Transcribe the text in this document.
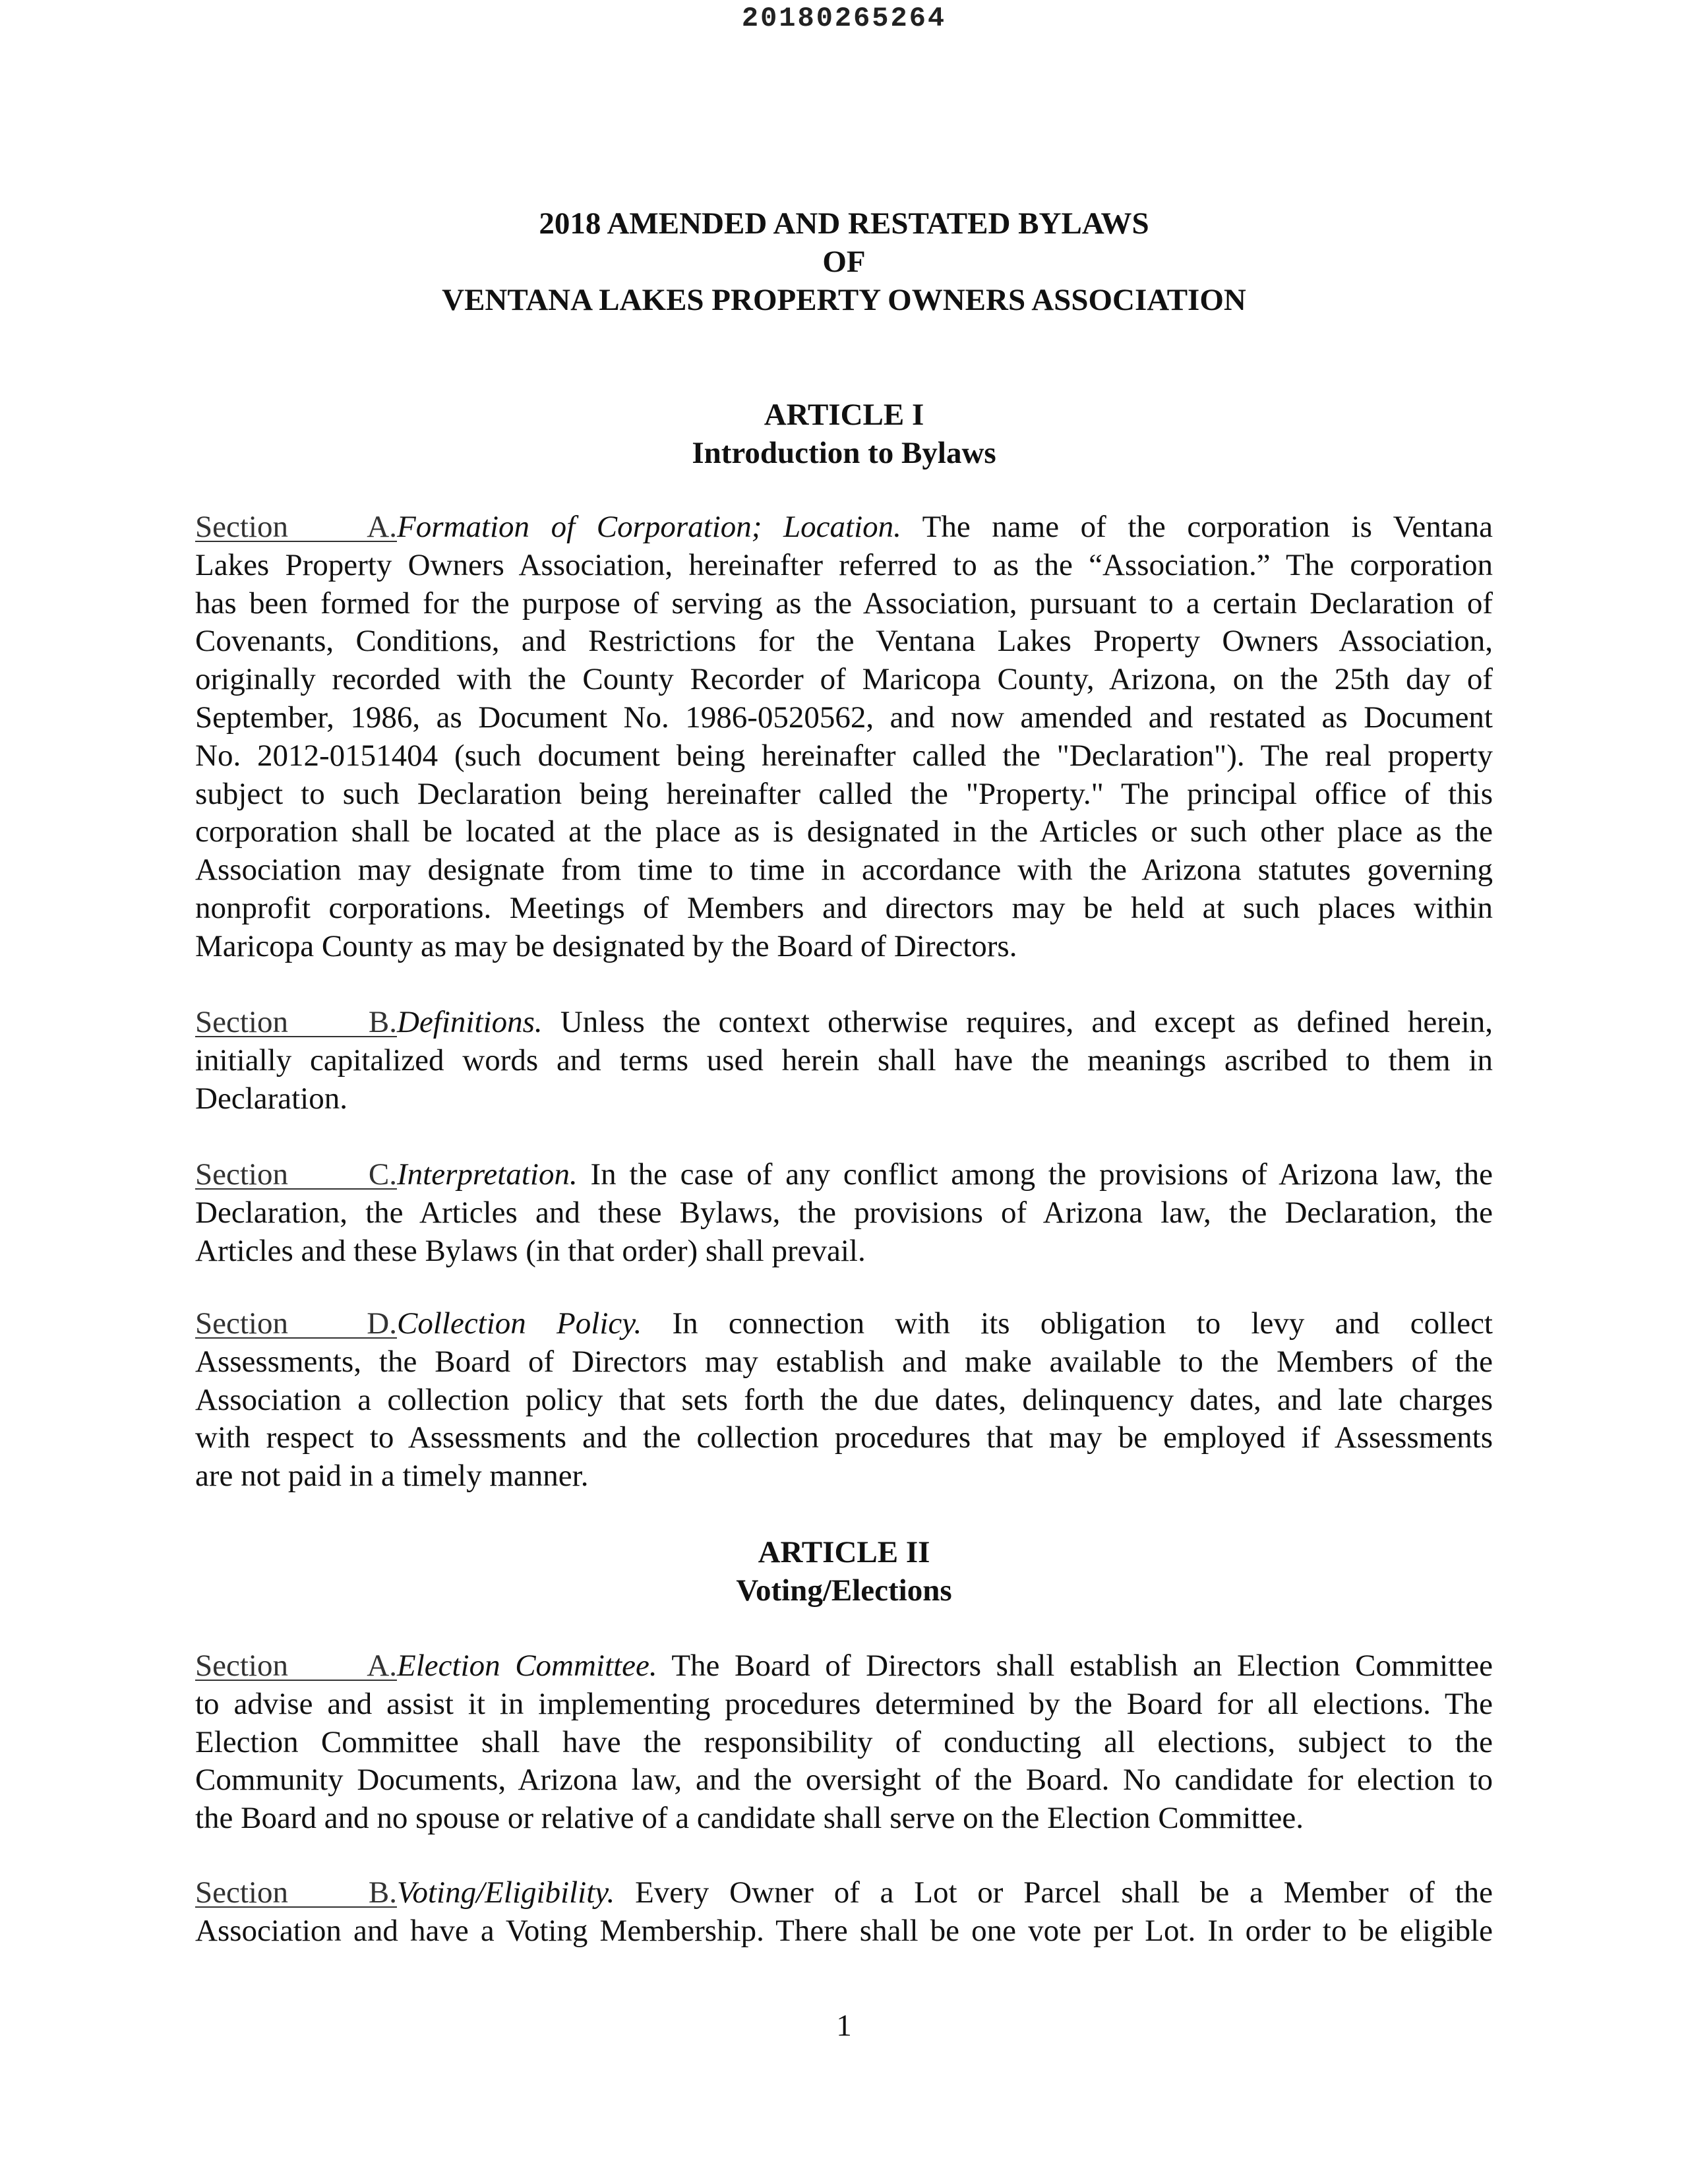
20180265264
2018 AMENDED AND RESTATED BYLAWS
OF
VENTANA LAKES PROPERTY OWNERS ASSOCIATION
ARTICLE I
Introduction to Bylaws
Section A.Formation of Corporation; Location. The name of the corporation is Ventana
Lakes Property Owners Association, hereinafter referred to as the “Association.” The corporation
has been formed for the purpose of serving as the Association, pursuant to a certain Declaration of
Covenants, Conditions, and Restrictions for the Ventana Lakes Property Owners Association,
originally recorded with the County Recorder of Maricopa County, Arizona, on the 25th day of
September, 1986, as Document No. 1986-0520562, and now amended and restated as Document
No. 2012-0151404 (such document being hereinafter called the "Declaration"). The real property
subject to such Declaration being hereinafter called the "Property." The principal office of this
corporation shall be located at the place as is designated in the Articles or such other place as the
Association may designate from time to time in accordance with the Arizona statutes governing
nonprofit corporations. Meetings of Members and directors may be held at such places within
Maricopa County as may be designated by the Board of Directors.
Section B.Definitions. Unless the context otherwise requires, and except as defined herein,
initially capitalized words and terms used herein shall have the meanings ascribed to them in
Declaration.
Section C.Interpretation. In the case of any conflict among the provisions of Arizona law, the
Declaration, the Articles and these Bylaws, the provisions of Arizona law, the Declaration, the
Articles and these Bylaws (in that order) shall prevail.
Section D.Collection Policy. In connection with its obligation to levy and collect
Assessments, the Board of Directors may establish and make available to the Members of the
Association a collection policy that sets forth the due dates, delinquency dates, and late charges
with respect to Assessments and the collection procedures that may be employed if Assessments
are not paid in a timely manner.
ARTICLE II
Voting/Elections
Section A.Election Committee. The Board of Directors shall establish an Election Committee
to advise and assist it in implementing procedures determined by the Board for all elections. The
Election Committee shall have the responsibility of conducting all elections, subject to the
Community Documents, Arizona law, and the oversight of the Board. No candidate for election to
the Board and no spouse or relative of a candidate shall serve on the Election Committee.
Section B.Voting/Eligibility. Every Owner of a Lot or Parcel shall be a Member of the
Association and have a Voting Membership. There shall be one vote per Lot. In order to be eligible
1
